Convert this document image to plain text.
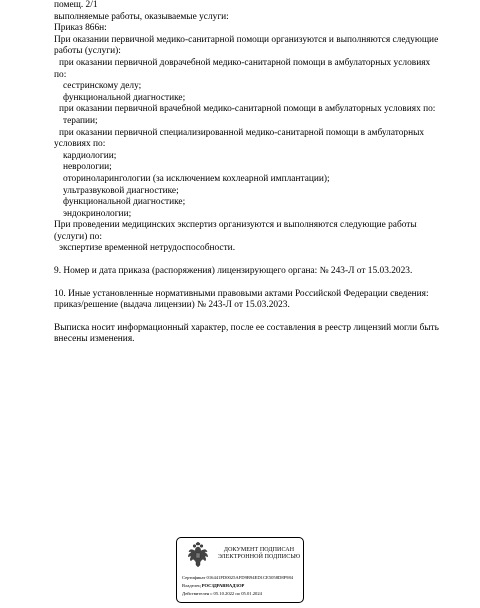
помещ. 2/1
выполняемые работы, оказываемые услуги:
Приказ 866н:
При оказании первичной медико-санитарной помощи организуются и выполняются следующие
работы (услуги):
при оказании первичной доврачебной медико-санитарной помощи в амбулаторных условиях
по:
сестринскому делу;
функциональной диагностике;
при оказании первичной врачебной медико-санитарной помощи в амбулаторных условиях по:
терапии;
при оказании первичной специализированной медико-санитарной помощи в амбулаторных
условиях по:
кардиологии;
неврологии;
оториноларингологии (за исключением кохлеарной имплантации);
ультразвуковой диагностике;
функциональной диагностике;
эндокринологии;
При проведении медицинских экспертиз организуются и выполняются следующие работы
(услуги) по:
экспертизе временной нетрудоспособности.
9. Номер и дата приказа (распоряжения) лицензирующего органа: № 243-Л от 15.03.2023.
10. Иные установленные нормативными правовыми актами Российской Федерации сведения:
приказ/решение (выдача лицензии) № 243-Л от 15.03.2023.
Выписка носит информационный характер, после ее составления в реестр лицензий могли быть
внесены изменения.
ДОКУМЕНТ ПОДПИСАН
ЭЛЕКТРОННОЙ ПОДПИСЬЮ
Сертификат 016441FD0025AFD9B94ED1CE5058D8F984
Владелец РОСЗДРАВНАДЗОР
Действителен с 05.10.2022 по 05.01.2024
